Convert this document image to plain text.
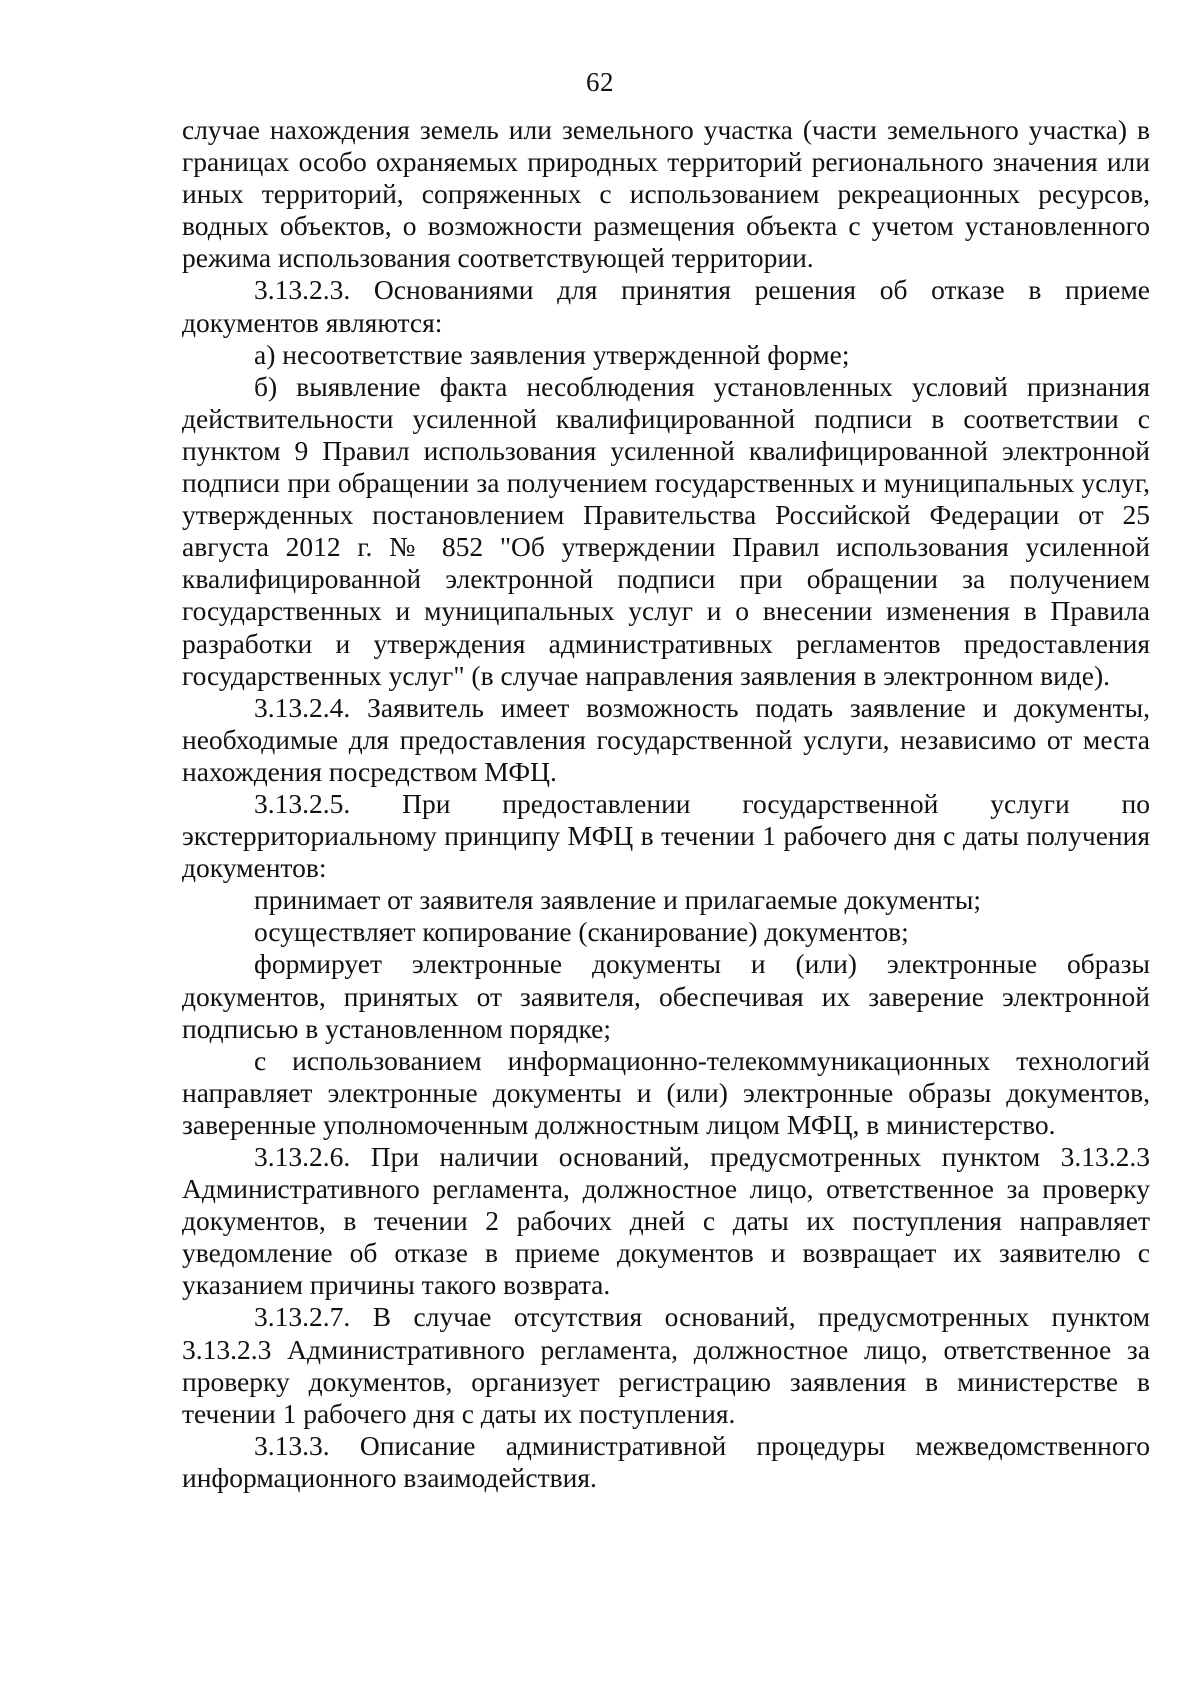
62

случае нахождения земель или земельного участка (части земельного участка) в границах особо охраняемых природных территорий регионального значения или иных территорий, сопряженных с использованием рекреационных ресурсов, водных объектов, о возможности размещения объекта с учетом установленного режима использования соответствующей территории.

3.13.2.3. Основаниями для принятия решения об отказе в приеме документов являются:

а) несоответствие заявления утвержденной форме;

б) выявление факта несоблюдения установленных условий признания действительности усиленной квалифицированной подписи в соответствии с пунктом 9 Правил использования усиленной квалифицированной электронной подписи при обращении за получением государственных и муниципальных услуг, утвержденных постановлением Правительства Российской Федерации от 25 августа 2012 г. № 852 "Об утверждении Правил использования усиленной квалифицированной электронной подписи при обращении за получением государственных и муниципальных услуг и о внесении изменения в Правила разработки и утверждения административных регламентов предоставления государственных услуг" (в случае направления заявления в электронном виде).

3.13.2.4. Заявитель имеет возможность подать заявление и документы, необходимые для предоставления государственной услуги, независимо от места нахождения посредством МФЦ.

3.13.2.5. При предоставлении государственной услуги по экстерриториальному принципу МФЦ в течении 1 рабочего дня с даты получения документов:

принимает от заявителя заявление и прилагаемые документы;

осуществляет копирование (сканирование) документов;

формирует электронные документы и (или) электронные образы документов, принятых от заявителя, обеспечивая их заверение электронной подписью в установленном порядке;

с использованием информационно-телекоммуникационных технологий направляет электронные документы и (или) электронные образы документов, заверенные уполномоченным должностным лицом МФЦ, в министерство.

3.13.2.6. При наличии оснований, предусмотренных пунктом 3.13.2.3 Административного регламента, должностное лицо, ответственное за проверку документов, в течении 2 рабочих дней с даты их поступления направляет уведомление об отказе в приеме документов и возвращает их заявителю с указанием причины такого возврата.

3.13.2.7. В случае отсутствия оснований, предусмотренных пунктом 3.13.2.3 Административного регламента, должностное лицо, ответственное за проверку документов, организует регистрацию заявления в министерстве в течении 1 рабочего дня с даты их поступления.

3.13.3. Описание административной процедуры межведомственного информационного взаимодействия.
